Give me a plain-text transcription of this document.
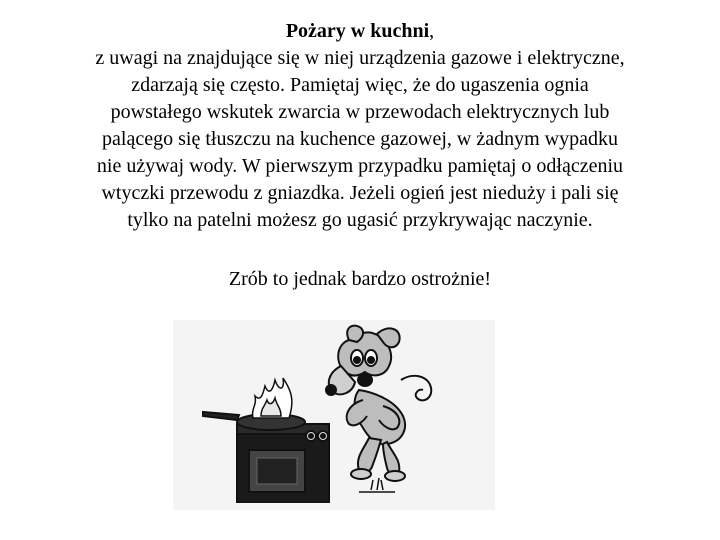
Pożary w kuchni,
z uwagi na znajdujące się w niej urządzenia gazowe i elektryczne,
zdarzają się często. Pamiętaj więc, że do ugaszenia ognia
powstałego wskutek zwarcia w przewodach elektrycznych lub
palącego się tłuszczu na kuchence gazowej, w żadnym wypadku
nie używaj wody. W pierwszym przypadku pamiętaj o odłączeniu
wtyczki przewodu z gniazdka. Jeżeli ogień jest nieduży i pali się
tylko na patelni możesz go ugasić przykrywając naczynie.
Zrób to jednak bardzo ostrożnie!
